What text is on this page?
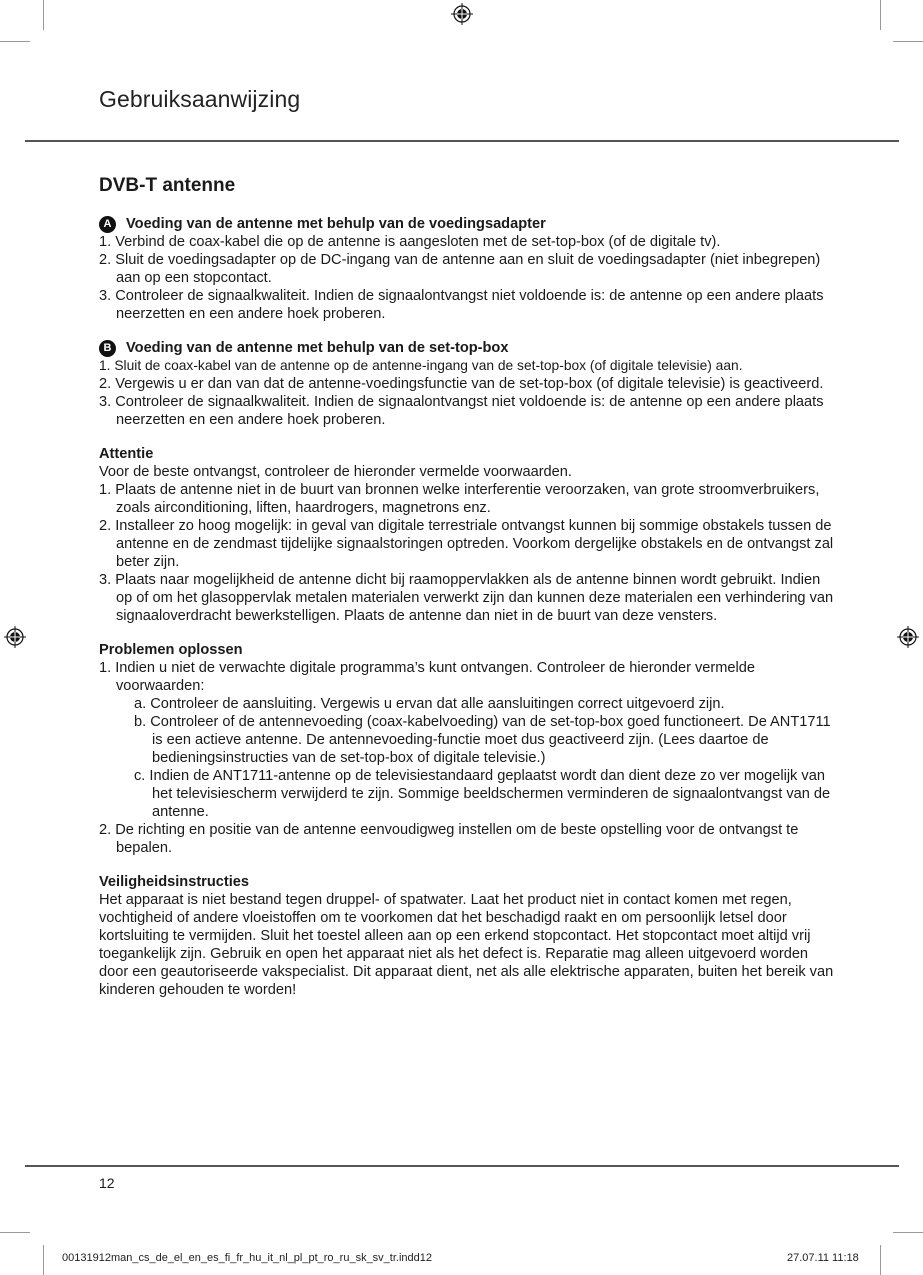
Gebruiksaanwijzing
DVB-T antenne
A Voeding van de antenne met behulp van de voedingsadapter
1. Verbind de coax-kabel die op de antenne is aangesloten met de set-top-box (of de digitale tv).
2. Sluit de voedingsadapter op de DC-ingang van de antenne aan en sluit de voedingsadapter (niet inbegrepen) aan op een stopcontact.
3. Controleer de signaalkwaliteit. Indien de signaalontvangst niet voldoende is: de antenne op een andere plaats neerzetten en een andere hoek proberen.
B Voeding van de antenne met behulp van de set-top-box
1. Sluit de coax-kabel van de antenne op de antenne-ingang van de set-top-box (of digitale televisie) aan.
2. Vergewis u er dan van dat de antenne-voedingsfunctie van de set-top-box (of digitale televisie) is geactiveerd.
3. Controleer de signaalkwaliteit. Indien de signaalontvangst niet voldoende is: de antenne op een andere plaats neerzetten en een andere hoek proberen.
Attentie
Voor de beste ontvangst, controleer de hieronder vermelde voorwaarden.
1. Plaats de antenne niet in de buurt van bronnen welke interferentie veroorzaken, van grote stroomverbruikers, zoals airconditioning, liften, haardrogers, magnetrons enz.
2. Installeer zo hoog mogelijk: in geval van digitale terrestriale ontvangst kunnen bij sommige obstakels tussen de antenne en de zendmast tijdelijke signaalstoringen optreden. Voorkom dergelijke obstakels en de ontvangst zal beter zijn.
3. Plaats naar mogelijkheid de antenne dicht bij raamoppervlakken als de antenne binnen wordt gebruikt. Indien op of om het glasoppervlak metalen materialen verwerkt zijn dan kunnen deze materialen een verhindering van signaaloverdracht bewerkstelligen. Plaats de antenne dan niet in de buurt van deze vensters.
Problemen oplossen
1. Indien u niet de verwachte digitale programma’s kunt ontvangen. Controleer de hieronder vermelde voorwaarden:
a. Controleer de aansluiting. Vergewis u ervan dat alle aansluitingen correct uitgevoerd zijn.
b. Controleer of de antennevoeding (coax-kabelvoeding) van de set-top-box goed functioneert. De ANT1711 is een actieve antenne. De antennevoeding-functie moet dus geactiveerd zijn. (Lees daartoe de bedieningsinstructies van de set-top-box of digitale televisie.)
c. Indien de ANT1711-antenne op de televisiestandaard geplaatst wordt dan dient deze zo ver mogelijk van het televisiescherm verwijderd te zijn. Sommige beeldschermen verminderen de signaalontvangst van de antenne.
2. De richting en positie van de antenne eenvoudigweg instellen om de beste opstelling voor de ontvangst te bepalen.
Veiligheidsinstructies
Het apparaat is niet bestand tegen druppel- of spatwater. Laat het product niet in contact komen met regen, vochtigheid of andere vloeistoffen om te voorkomen dat het beschadigd raakt en om persoonlijk letsel door kortsluiting te vermijden. Sluit het toestel alleen aan op een erkend stopcontact. Het stopcontact moet altijd vrij toegankelijk zijn. Gebruik en open het apparaat niet als het defect is. Reparatie mag alleen uitgevoerd worden door een geautoriseerde vakspecialist. Dit apparaat dient, net als alle elektrische apparaten, buiten het bereik van kinderen gehouden te worden!
12
00131912man_cs_de_el_en_es_fi_fr_hu_it_nl_pl_pt_ro_ru_sk_sv_tr.indd12	27.07.11 11:18
